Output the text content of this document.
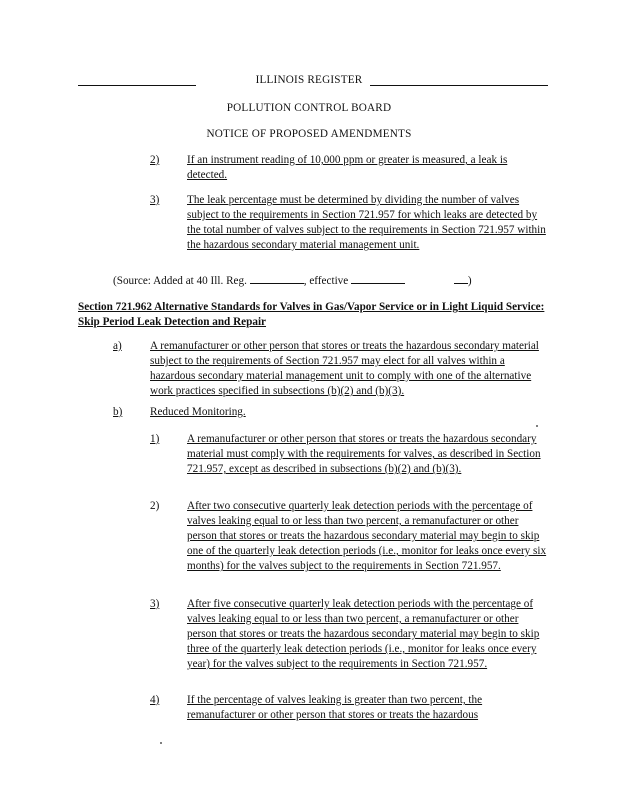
ILLINOIS REGISTER
POLLUTION CONTROL BOARD
NOTICE OF PROPOSED AMENDMENTS
2) If an instrument reading of 10,000 ppm or greater is measured, a leak is detected.
3) The leak percentage must be determined by dividing the number of valves subject to the requirements in Section 721.957 for which leaks are detected by the total number of valves subject to the requirements in Section 721.957 within the hazardous secondary material management unit.
(Source: Added at 40 Ill. Reg.	, effective	)
Section 721.962 Alternative Standards for Valves in Gas/Vapor Service or in Light Liquid Service: Skip Period Leak Detection and Repair
a)	A remanufacturer or other person that stores or treats the hazardous secondary material subject to the requirements of Section 721.957 may elect for all valves within a hazardous secondary material management unit to comply with one of the alternative work practices specified in subsections (b)(2) and (b)(3).
b) Reduced Monitoring.
1) A remanufacturer or other person that stores or treats the hazardous secondary material must comply with the requirements for valves, as described in Section 721.957, except as described in subsections (b)(2) and (b)(3).
2) After two consecutive quarterly leak detection periods with the percentage of valves leaking equal to or less than two percent, a remanufacturer or other person that stores or treats the hazardous secondary material may begin to skip one of the quarterly leak detection periods (i.e., monitor for leaks once every six months) for the valves subject to the requirements in Section 721.957.
3) After five consecutive quarterly leak detection periods with the percentage of valves leaking equal to or less than two percent, a remanufacturer or other person that stores or treats the hazardous secondary material may begin to skip three of the quarterly leak detection periods (i.e., monitor for leaks once every year) for the valves subject to the requirements in Section 721.957.
4) If the percentage of valves leaking is greater than two percent, the remanufacturer or other person that stores or treats the hazardous
